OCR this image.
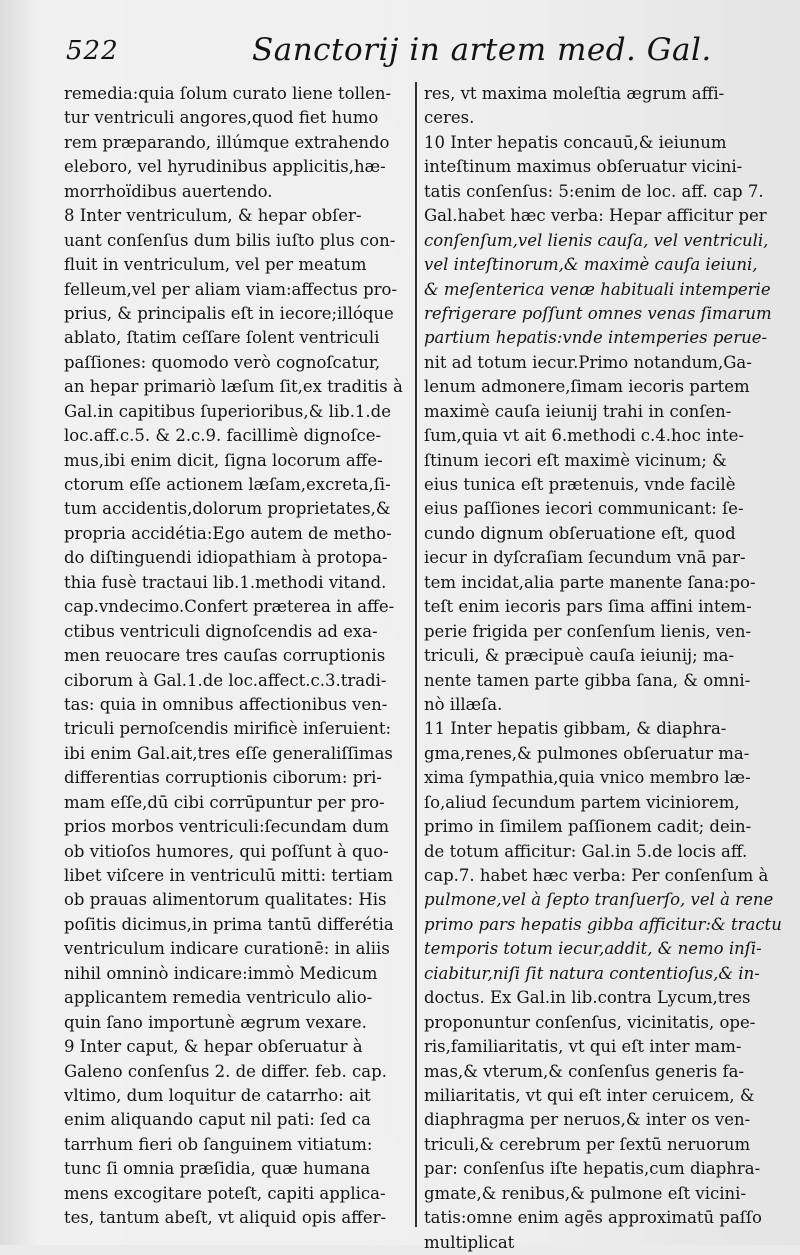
522	Sanctorij in artem med. Gal.
remedia:quia ſolum curato liene tollen-
tur ventriculi angores,quod fiet humo
rem præparando, illúmque extrahendo
eleboro, vel hyrudinibus applicitis,hæ-
morrhoïdibus auertendo.
8 Inter ventriculum, & hepar obſer-
uant conſenſus dum bilis iuſto plus con-
fluit in ventriculum, vel per meatum
felleum,vel per aliam viam:affectus pro-
prius, & principalis eſt in iecore;illóque
ablato, ſtatim ceſſare ſolent ventriculi
paſſiones: quomodo verò cognoſcatur,
an hepar primariò læſum ſit,ex traditis à
Gal.in capitibus ſuperioribus,& lib.1.de
loc.aff.c.5. & 2.c.9. facillimè dignoſce-
mus,ibi enim dicit, ſigna locorum affe-
ctorum eſſe actionem læſam,excreta,ſi-
tum accidentis,dolorum proprietates,&
propria accidétia:Ego autem de metho-
do diſtinguendi idiopathiam à protopa-
thia fusè tractaui lib.1.methodi vitand.
cap.vndecimo.Confert præterea in affe-
ctibus ventriculi dignoſcendis ad exa-
men reuocare tres cauſas corruptionis
ciborum à Gal.1.de loc.affect.c.3.tradi-
tas: quia in omnibus affectionibus ven-
triculi pernoſcendis mirificè inſeruient:
ibi enim Gal.ait,tres eſſe generaliſſimas
differentias corruptionis ciborum: pri-
mam eſſe,dū cibi corrūpuntur per pro-
prios morbos ventriculi:ſecundam dum
ob vitioſos humores, qui poſſunt à quo-
libet viſcere in ventriculū mitti: tertiam
ob prauas alimentorum qualitates: His
poſitis dicimus,in prima tantū differétia
ventriculum indicare curationē: in aliis
nihil omninò indicare:immò Medicum
applicantem remedia ventriculo alio-
quin ſano importunè ægrum vexare.
9 Inter caput, & hepar obſeruatur à
Galeno conſenſus 2. de differ. feb. cap.
vltimo, dum loquitur de catarrho: ait
enim aliquando caput nil pati: ſed ca
tarrhum fieri ob ſanguinem vitiatum:
tunc ſi omnia præſidia, quæ humana
mens excogitare poteſt, capiti applica-
tes, tantum abeſt, vt aliquid opis affer-
res, vt maxima moleſtia ægrum affi-
ceres.
10 Inter hepatis concauū,& ieiunum
inteſtinum maximus obſeruatur vicini-
tatis conſenſus: 5:enim de loc. aff. cap 7.
Gal.habet hæc verba: Hepar afficitur per
conſenſum,vel lienis cauſa, vel ventriculi,
vel inteſtinorum,& maximè cauſa ieiuni,
& meſenterica venæ habituali intemperie
refrigerare poſſunt omnes venas ſimarum
partium hepatis:vnde intemperies perue-
nit ad totum iecur.Primo notandum,Ga-
lenum admonere,ſimam iecoris partem
maximè cauſa ieiunij trahi in conſen-
ſum,quia vt ait 6.methodi c.4.hoc inte-
ſtinum iecori eſt maximè vicinum; &
eius tunica eſt prætenuis, vnde facilè
eius paſſiones iecori communicant: ſe-
cundo dignum obſeruatione eſt, quod
iecur in dyſcraſiam ſecundum vnā par-
tem incidat,alia parte manente ſana:po-
teſt enim iecoris pars ſima affini intem-
perie frigida per conſenſum lienis, ven-
triculi, & præcipuè cauſa ieiunij; ma-
nente tamen parte gibba ſana, & omni-
nò illæſa.
11 Inter hepatis gibbam, & diaphra-
gma,renes,& pulmones obſeruatur ma-
xima ſympathia,quia vnico membro læ-
ſo,aliud ſecundum partem viciniorem,
primo in ſimilem paſſionem cadit; dein-
de totum afficitur: Gal.in 5.de locis aff.
cap.7. habet hæc verba: Per conſenſum à
pulmone,vel à ſepto tranſuerſo, vel à rene
primo pars hepatis gibba afficitur:& tractu
temporis totum iecur,addit, & nemo inſi-
ciabitur,niſi ſit natura contentioſus,& in-
doctus. Ex Gal.in lib.contra Lycum,tres
proponuntur conſenſus, vicinitatis, ope-
ris,familiaritatis, vt qui eſt inter mam-
mas,& vterum,& conſenſus generis fa-
miliaritatis, vt qui eſt inter ceruicem, &
diaphragma per neruos,& inter os ven-
triculi,& cerebrum per ſextū neruorum
par: conſenſus iſte hepatis,cum diaphra-
gmate,& renibus,& pulmone eſt vicini-
tatis:omne enim agēs approximatū paſſo
multiplicat
